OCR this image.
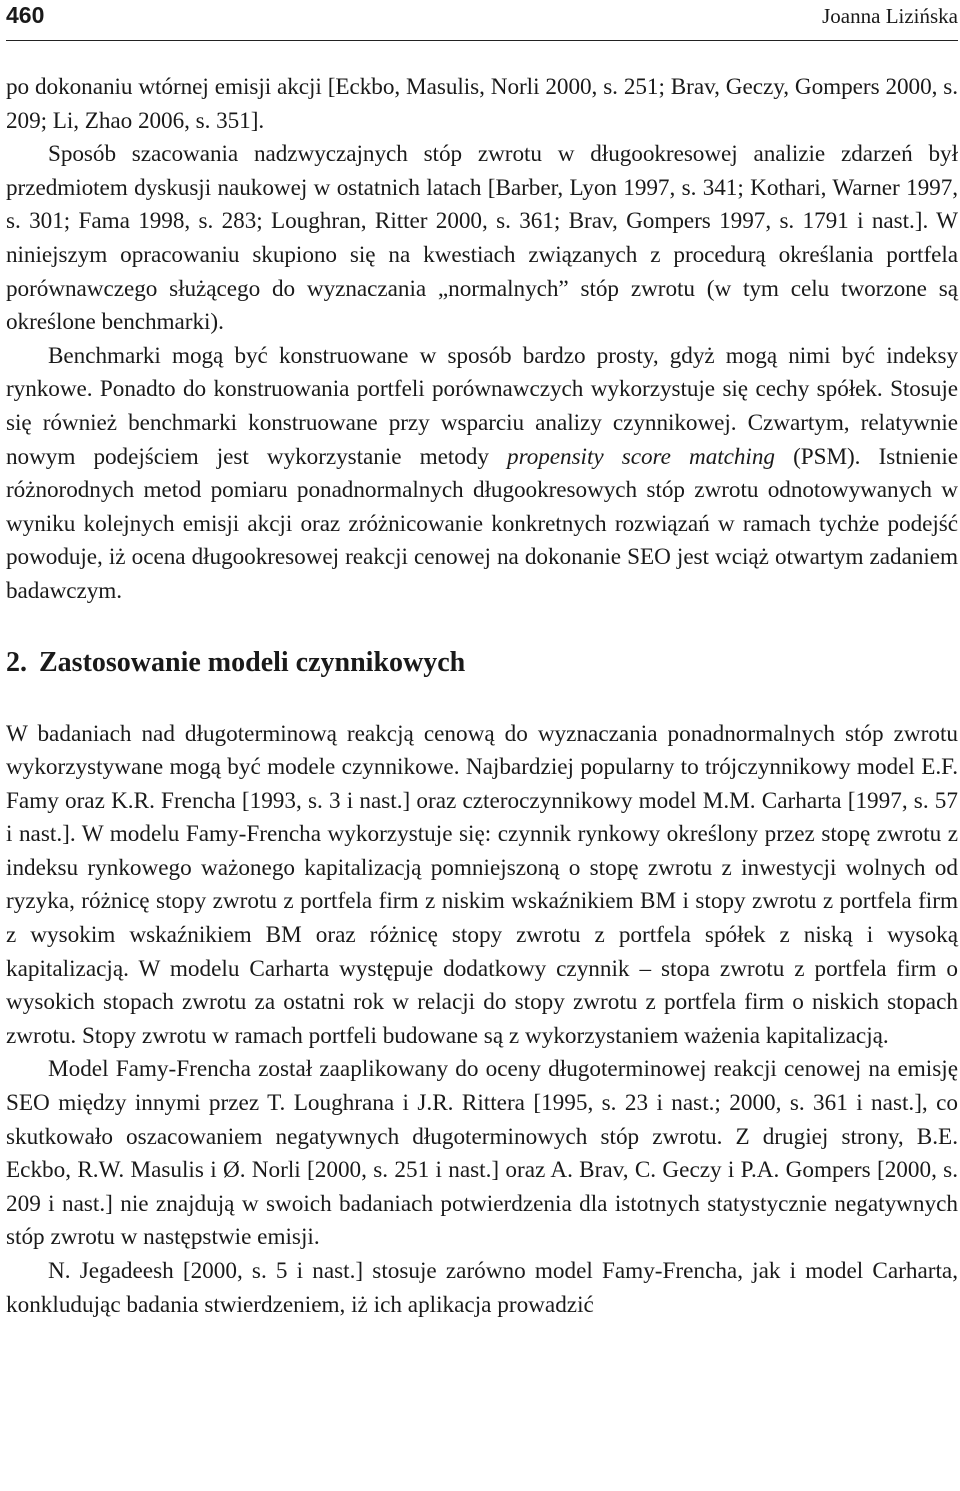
460	Joanna Lizińska

po dokonaniu wtórnej emisji akcji [Eckbo, Masulis, Norli 2000, s. 251; Brav, Geczy, Gompers 2000, s. 209; Li, Zhao 2006, s. 351].

Sposób szacowania nadzwyczajnych stóp zwrotu w długookresowej analizie zdarzeń był przedmiotem dyskusji naukowej w ostatnich latach [Barber, Lyon 1997, s. 341; Kothari, Warner 1997, s. 301; Fama 1998, s. 283; Loughran, Ritter 2000, s. 361; Brav, Gompers 1997, s. 1791 i nast.]. W niniejszym opracowaniu skupiono się na kwestiach związanych z procedurą określania portfela porównawczego służącego do wyznaczania „normalnych” stóp zwrotu (w tym celu tworzone są określone benchmarki).

Benchmarki mogą być konstruowane w sposób bardzo prosty, gdyż mogą nimi być indeksy rynkowe. Ponadto do konstruowania portfeli porównawczych wykorzystuje się cechy spółek. Stosuje się również benchmarki konstruowane przy wsparciu analizy czynnikowej. Czwartym, relatywnie nowym podejściem jest wykorzystanie metody propensity score matching (PSM). Istnienie różnorodnych metod pomiaru ponadnormalnych długookresowych stóp zwrotu odnotowywanych w wyniku kolejnych emisji akcji oraz zróżnicowanie konkretnych rozwiązań w ramach tychże podejść powoduje, iż ocena długookresowej reakcji cenowej na dokonanie SEO jest wciąż otwartym zadaniem badawczym.

2. Zastosowanie modeli czynnikowych

W badaniach nad długoterminową reakcją cenową do wyznaczania ponadnormalnych stóp zwrotu wykorzystywane mogą być modele czynnikowe. Najbardziej popularny to trójczynnikowy model E.F. Famy oraz K.R. Frencha [1993, s. 3 i nast.] oraz czteroczynnikowy model M.M. Carharta [1997, s. 57 i nast.]. W modelu Famy-Frencha wykorzystuje się: czynnik rynkowy określony przez stopę zwrotu z indeksu rynkowego ważonego kapitalizacją pomniejszoną o stopę zwrotu z inwestycji wolnych od ryzyka, różnicę stopy zwrotu z portfela firm z niskim wskaźnikiem BM i stopy zwrotu z portfela firm z wysokim wskaźnikiem BM oraz różnicę stopy zwrotu z portfela spółek z niską i wysoką kapitalizacją. W modelu Carharta występuje dodatkowy czynnik – stopa zwrotu z portfela firm o wysokich stopach zwrotu za ostatni rok w relacji do stopy zwrotu z portfela firm o niskich stopach zwrotu. Stopy zwrotu w ramach portfeli budowane są z wykorzystaniem ważenia kapitalizacją.

Model Famy-Frencha został zaaplikowany do oceny długoterminowej reakcji cenowej na emisję SEO między innymi przez T. Loughrana i J.R. Rittera [1995, s. 23 i nast.; 2000, s. 361 i nast.], co skutkowało oszacowaniem negatywnych długoterminowych stóp zwrotu. Z drugiej strony, B.E. Eckbo, R.W. Masulis i Ø. Norli [2000, s. 251 i nast.] oraz A. Brav, C. Geczy i P.A. Gompers [2000, s. 209 i nast.] nie znajdują w swoich badaniach potwierdzenia dla istotnych statystycznie negatywnych stóp zwrotu w następstwie emisji.

N. Jegadeesh [2000, s. 5 i nast.] stosuje zarówno model Famy-Frencha, jak i model Carharta, konkludując badania stwierdzeniem, iż ich aplikacja prowadzić
